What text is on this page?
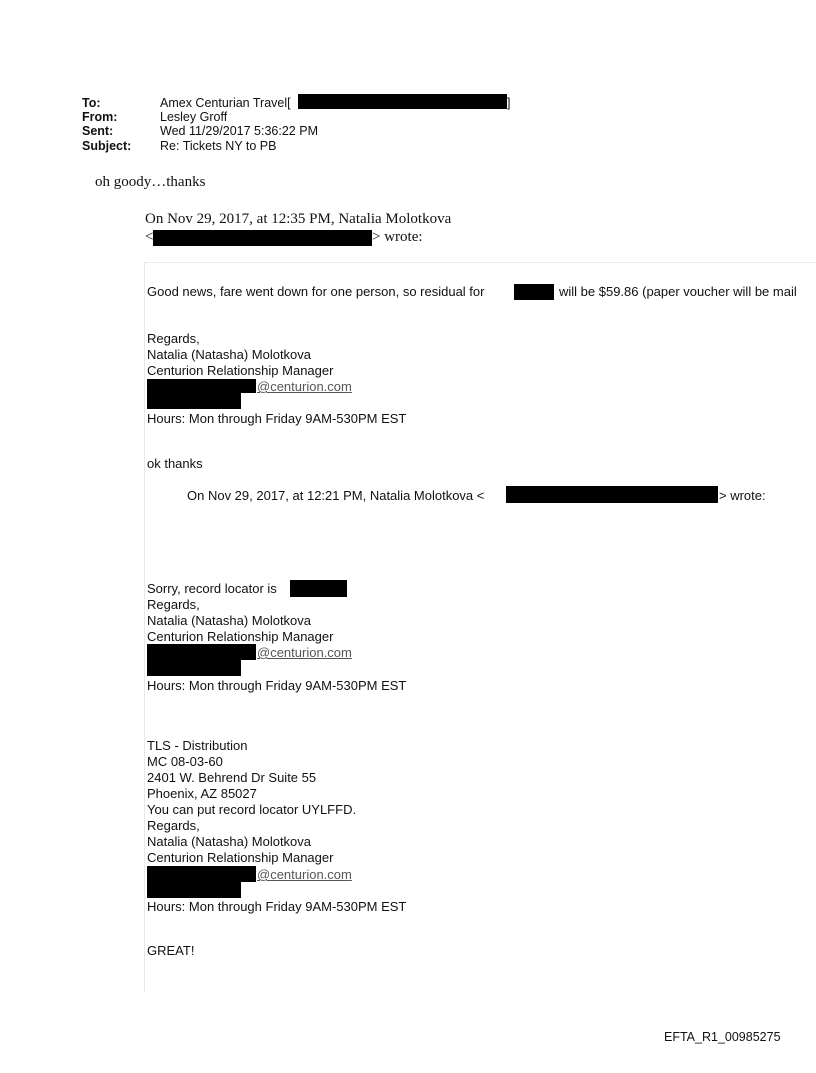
To:	Amex Centurian Travel[	]
From:	Lesley Groff
Sent:	Wed 11/29/2017 5:36:22 PM
Subject: Re: Tickets NY to PB
oh goody…thanks
On Nov 29, 2017, at 12:35 PM, Natalia Molotkova
<	> wrote:
Good news, fare went down for one person, so residual for	will be $59.86 (paper voucher will be mail
Regards,
Natalia (Natasha) Molotkova
Centurion Relationship Manager
@centurion.com
Hours: Mon through Friday 9AM-530PM EST
ok thanks
On Nov 29, 2017, at 12:21 PM, Natalia Molotkova <	> wrote:
Sorry, record locator is
Regards,
Natalia (Natasha) Molotkova
Centurion Relationship Manager
@centurion.com
Hours: Mon through Friday 9AM-530PM EST
TLS - Distribution
MC 08-03-60
2401 W. Behrend Dr Suite 55
Phoenix, AZ 85027
You can put record locator UYLFFD.
Regards,
Natalia (Natasha) Molotkova
Centurion Relationship Manager
@centurion.com
Hours: Mon through Friday 9AM-530PM EST
GREAT!
EFTA_R1_00985275
